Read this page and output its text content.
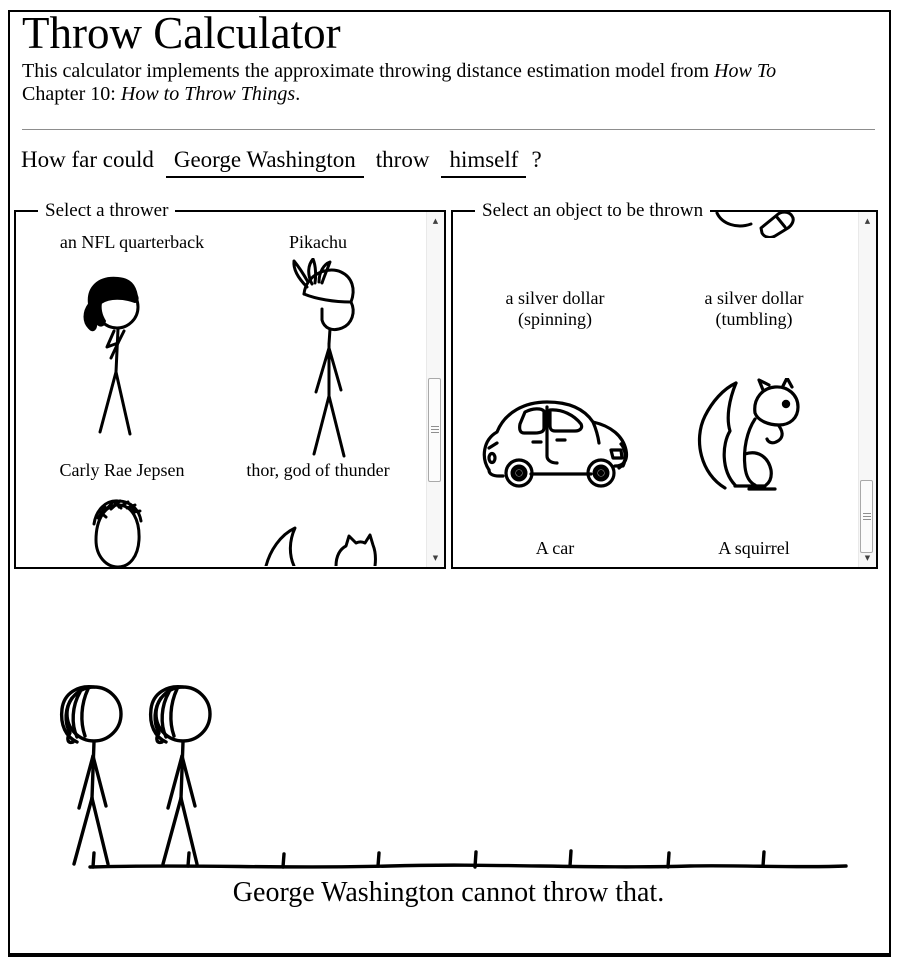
Throw Calculator

This calculator implements the approximate throwing distance estimation model from How To
Chapter 10: How to Throw Things.

How far could George Washington throw himself ?
Select a thrower
an NFL quarterback	Pikachu
Carly Rae Jepsen	thor, god of thunder
▲
▼
Select an object to be thrown
a silver dollar (spinning)
a silver dollar (tumbling)
A car	A squirrel
▲
▼
George Washington cannot throw that.
